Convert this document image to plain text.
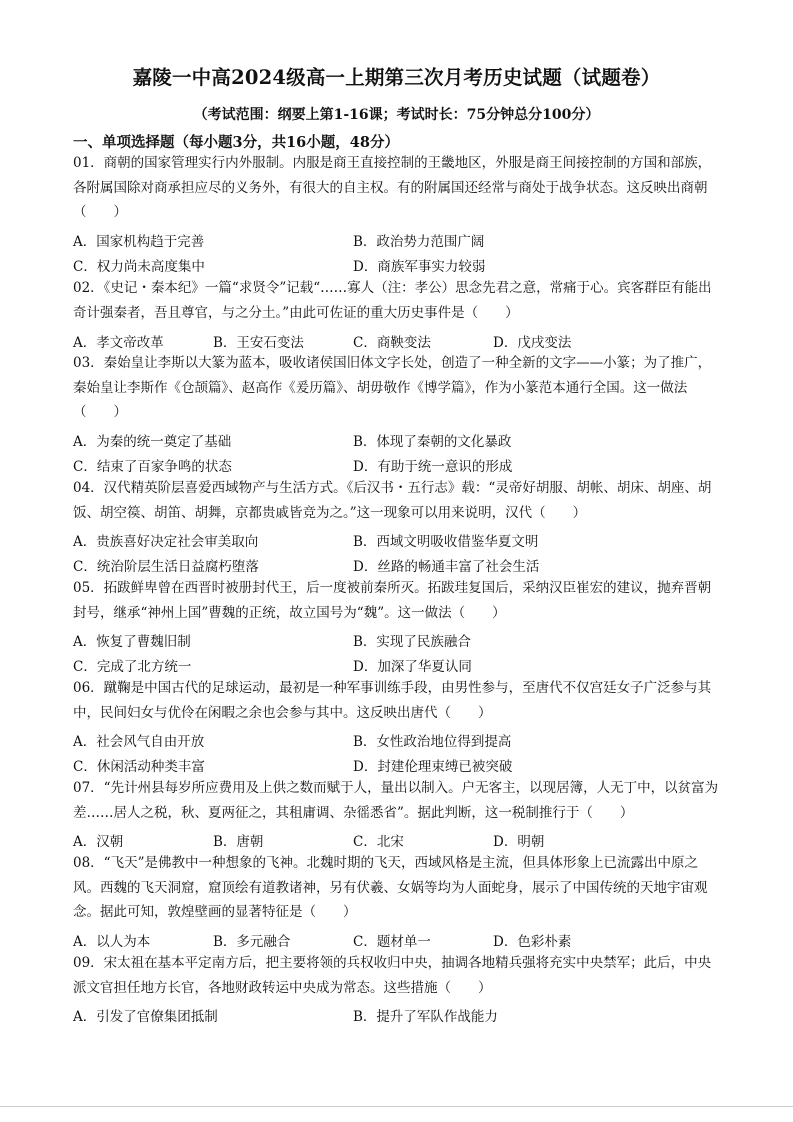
嘉陵一中高2024级高一上期第三次月考历史试题（试题卷）
（考试范围：纲要上第1-16课；考试时长：75分钟总分100分）
一、单项选择题（每小题3分，共16小题，48分）
01．商朝的国家管理实行内外服制。内服是商王直接控制的王畿地区，外服是商王间接控制的方国和部族，各附属国除对商承担应尽的义务外，有很大的自主权。有的附属国还经常与商处于战争状态。这反映出商朝（　　）
A．国家机构趋于完善	B．政治势力范围广阔
C．权力尚未高度集中	D．商族军事实力较弱
02．《史记・秦本纪》一篇“求贤令”记载“……寡人（注：孝公）思念先君之意，常痛于心。宾客群臣有能出奇计强秦者，吾且尊官，与之分土。”由此可佐证的重大历史事件是（　　）
A．孝文帝改革	B．王安石变法	C．商鞅变法	D．戊戌变法
03．秦始皇让李斯以大篆为蓝本，吸收诸侯国旧体文字长处，创造了一种全新的文字——小篆；为了推广，秦始皇让李斯作《仓颉篇》、赵高作《爰历篇》、胡毋敬作《博学篇》，作为小篆范本通行全国。这一做法（　　）
A．为秦的统一奠定了基础	B．体现了秦朝的文化暴政
C．结束了百家争鸣的状态	D．有助于统一意识的形成
04．汉代精英阶层喜爱西域物产与生活方式。《后汉书・五行志》载：“灵帝好胡服、胡帐、胡床、胡座、胡饭、胡空篌、胡笛、胡舞，京都贵戚皆竞为之。”这一现象可以用来说明，汉代（　　）
A．贵族喜好决定社会审美取向	B．西域文明吸收借鉴华夏文明
C．统治阶层生活日益腐朽堕落	D．丝路的畅通丰富了社会生活
05．拓跋鲜卑曾在西晋时被册封代王，后一度被前秦所灭。拓跋珪复国后，采纳汉臣崔宏的建议，抛弃晋朝封号，继承“神州上国”曹魏的正统，故立国号为“魏”。这一做法（　　）
A．恢复了曹魏旧制	B．实现了民族融合
C．完成了北方统一	D．加深了华夏认同
06．蹴鞠是中国古代的足球运动，最初是一种军事训练手段，由男性参与，至唐代不仅宫廷女子广泛参与其中，民间妇女与优伶在闲暇之余也会参与其中。这反映出唐代（　　）
A．社会风气自由开放	B．女性政治地位得到提高
C．休闲活动种类丰富	D．封建伦理束缚已被突破
07．“先计州县每岁所应费用及上供之数而赋于人，量出以制入。户无客主，以现居簿，人无丁中，以贫富为差……居人之税，秋、夏两征之，其租庸调、杂徭悉省”。据此判断，这一税制推行于（　　）
A．汉朝	B．唐朝	C．北宋	D．明朝
08．“飞天”是佛教中一种想象的飞神。北魏时期的飞天，西域风格是主流，但具体形象上已流露出中原之风。西魏的飞天洞窟，窟顶绘有道教诸神，另有伏羲、女娲等均为人面蛇身，展示了中国传统的天地宇宙观念。据此可知，敦煌壁画的显著特征是（　　）
A．以人为本	B．多元融合	C．题材单一	D．色彩朴素
09．宋太祖在基本平定南方后，把主要将领的兵权收归中央，抽调各地精兵强将充实中央禁军；此后，中央派文官担任地方长官，各地财政转运中央成为常态。这些措施（　　）
A．引发了官僚集团抵制	B．提升了军队作战能力
